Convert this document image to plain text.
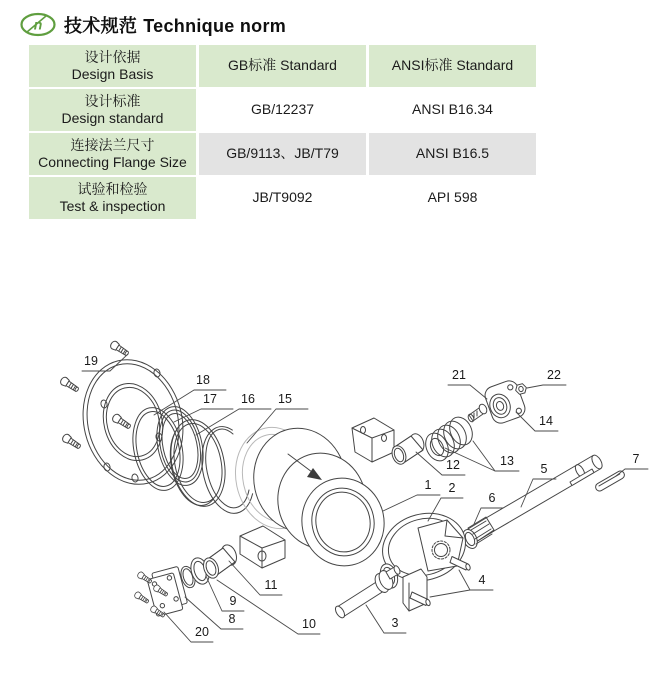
n 技术规范 Technique norm
设计依据
Design Basis	GB标准 Standard	ANSI标准 Standard

设计标准
Design standard	GB/12237	ANSI B16.34

连接法兰尺寸
Connecting Flange Size	GB/9113、JB/T79	ANSI B16.5

试验和检验
Test & inspection	JB/T9092	API 598
1 2
3
4
5
6
7
8
9
10
11
12	13
14
15
16
17
18
19
20
21	22
